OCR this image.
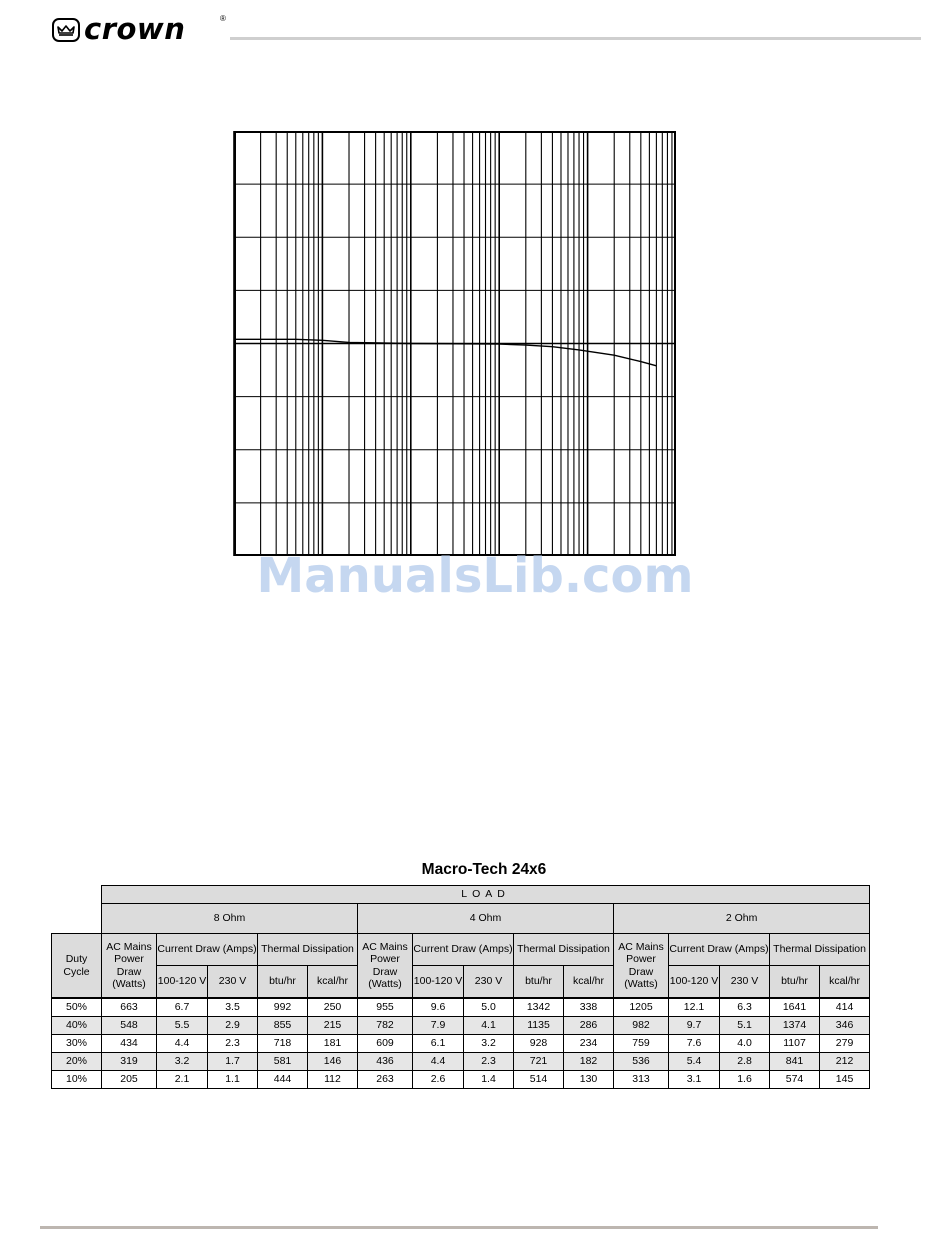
crown	®
ManualsLib.com
Macro-Tech 24x6
	LOAD														
	8 Ohm					4 Ohm					2 Ohm				
Duty Cycle	AC Mains Power Draw (Watts)	Current Draw (Amps)		Thermal Dissipation		AC Mains Power Draw (Watts)	Current Draw (Amps)		Thermal Dissipation		AC Mains Power Draw (Watts)	Current Draw (Amps)		Thermal Dissipation	
		100-120 V	230 V	btu/hr	kcal/hr		100-120 V	230 V	btu/hr	kcal/hr		100-120 V	230 V	btu/hr	kcal/hr
50%	663	6.7	3.5	992	250	955	9.6	5.0	1342	338	1205	12.1	6.3	1641	414
40%	548	5.5	2.9	855	215	782	7.9	4.1	1135	286	982	9.7	5.1	1374	346
30%	434	4.4	2.3	718	181	609	6.1	3.2	928	234	759	7.6	4.0	1107	279
20%	319	3.2	1.7	581	146	436	4.4	2.3	721	182	536	5.4	2.8	841	212
10%	205	2.1	1.1	444	112	263	2.6	1.4	514	130	313	3.1	1.6	574	145
